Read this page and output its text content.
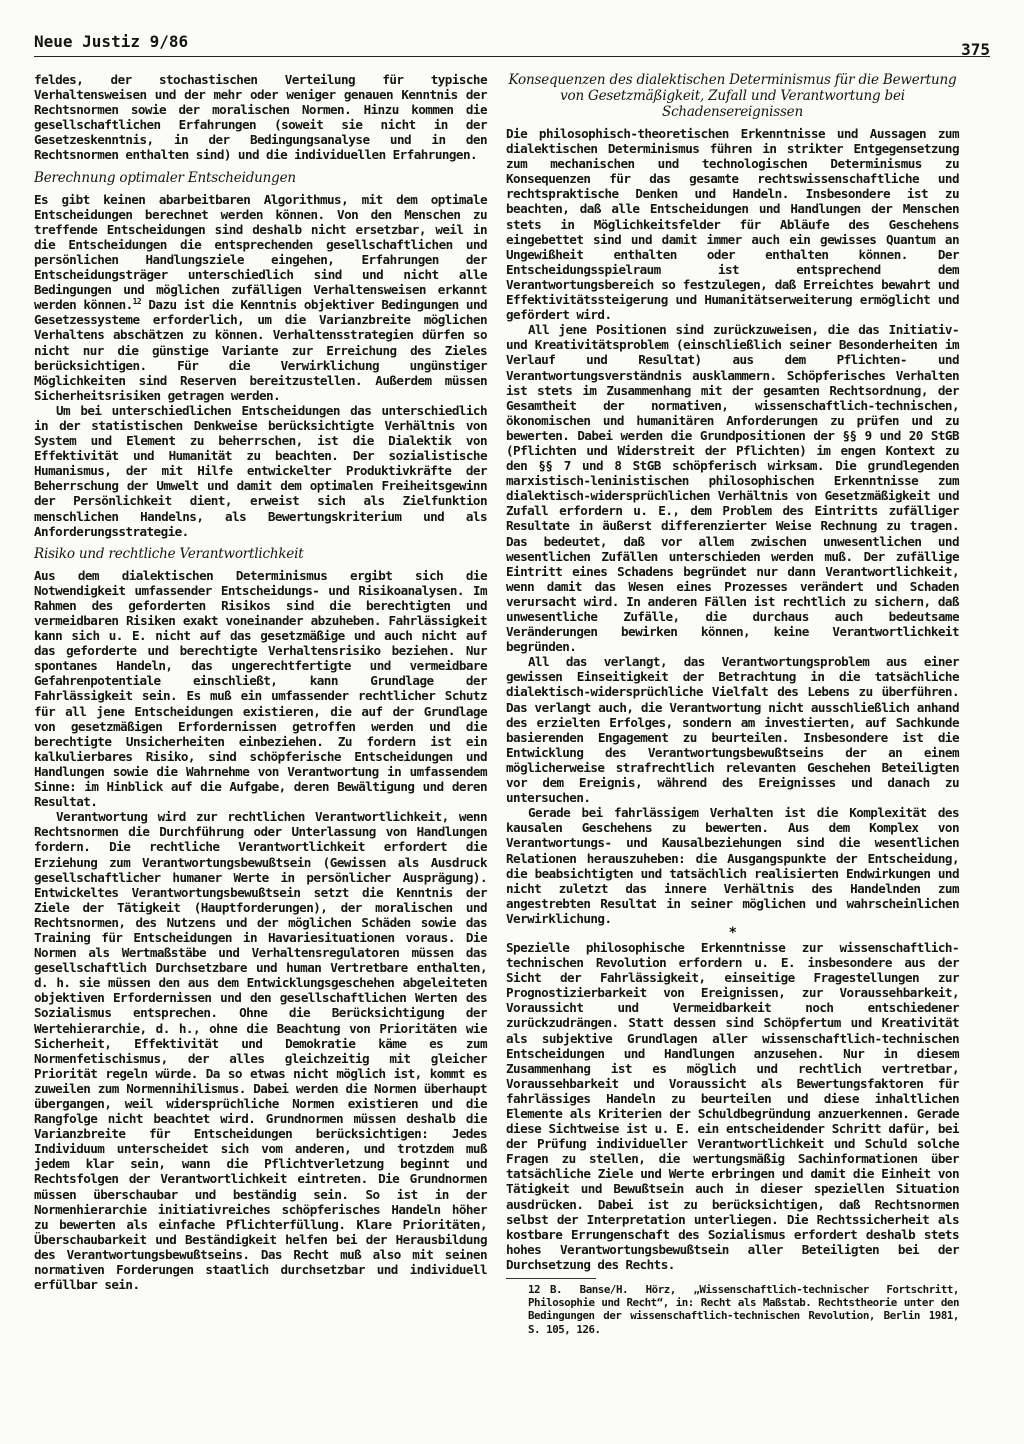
Neue Justiz 9/86	375

feldes, der stochastischen Verteilung für typische Verhaltensweisen und der mehr oder weniger genauen Kenntnis der Rechtsnormen sowie der moralischen Normen. Hinzu kommen die gesellschaftlichen Erfahrungen (soweit sie nicht in der Gesetzeskenntnis, in der Bedingungsanalyse und in den Rechtsnormen enthalten sind) und die individuellen Erfahrungen.

Berechnung optimaler Entscheidungen

Es gibt keinen abarbeitbaren Algorithmus, mit dem optimale Entscheidungen berechnet werden können. Von den Menschen zu treffende Entscheidungen sind deshalb nicht ersetzbar, weil in die Entscheidungen die entsprechenden gesellschaftlichen und persönlichen Handlungsziele eingehen, Erfahrungen der Entscheidungsträger unterschiedlich sind und nicht alle Bedingungen und möglichen zufälligen Verhaltensweisen erkannt werden können.$^{12}$ Dazu ist die Kenntnis objektiver Bedingungen und Gesetzessysteme erforderlich, um die Varianzbreite möglichen Verhaltens abschätzen zu können. Verhaltensstrategien dürfen so nicht nur die günstige Variante zur Erreichung des Zieles berücksichtigen. Für die Verwirklichung ungünstiger Möglichkeiten sind Reserven bereitzustellen. Außerdem müssen Sicherheitsrisiken getragen werden.

Um bei unterschiedlichen Entscheidungen das unterschiedlich in der statistischen Denkweise berücksichtigte Verhältnis von System und Element zu beherrschen, ist die Dialektik von Effektivität und Humanität zu beachten. Der sozialistische Humanismus, der mit Hilfe entwickelter Produktivkräfte der Beherrschung der Umwelt und damit dem optimalen Freiheitsgewinn der Persönlichkeit dient, erweist sich als Zielfunktion menschlichen Handelns, als Bewertungskriterium und als Anforderungsstrategie.

Risiko und rechtliche Verantwortlichkeit

Aus dem dialektischen Determinismus ergibt sich die Notwendigkeit umfassender Entscheidungs- und Risikoanalysen. Im Rahmen des geforderten Risikos sind die berechtigten und vermeidbaren Risiken exakt voneinander abzuheben. Fahrlässigkeit kann sich u. E. nicht auf das gesetzmäßige und auch nicht auf das geforderte und berechtigte Verhaltensrisiko beziehen. Nur spontanes Handeln, das ungerechtfertigte und vermeidbare Gefahrenpotentiale einschließt, kann Grundlage der Fahrlässigkeit sein. Es muß ein umfassender rechtlicher Schutz für all jene Entscheidungen existieren, die auf der Grundlage von gesetzmäßigen Erfordernissen getroffen werden und die berechtigte Unsicherheiten einbeziehen. Zu fordern ist ein kalkulierbares Risiko, sind schöpferische Entscheidungen und Handlungen sowie die Wahrnehme von Verantwortung in umfassendem Sinne: im Hinblick auf die Aufgabe, deren Bewältigung und deren Resultat.

Verantwortung wird zur rechtlichen Verantwortlichkeit, wenn Rechtsnormen die Durchführung oder Unterlassung von Handlungen fordern. Die rechtliche Verantwortlichkeit erfordert die Erziehung zum Verantwortungsbewußtsein (Gewissen als Ausdruck gesellschaftlicher humaner Werte in persönlicher Ausprägung). Entwickeltes Verantwortungsbewußtsein setzt die Kenntnis der Ziele der Tätigkeit (Hauptforderungen), der moralischen und Rechtsnormen, des Nutzens und der möglichen Schäden sowie das Training für Entscheidungen in Havariesituationen voraus. Die Normen als Wertmaßstäbe und Verhaltensregulatoren müssen das gesellschaftlich Durchsetzbare und human Vertretbare enthalten, d. h. sie müssen den aus dem Entwicklungsgeschehen abgeleiteten objektiven Erfordernissen und den gesellschaftlichen Werten des Sozialismus entsprechen. Ohne die Berücksichtigung der Wertehierarchie, d. h., ohne die Beachtung von Prioritäten wie Sicherheit, Effektivität und Demokratie käme es zum Normenfetischismus, der alles gleichzeitig mit gleicher Priorität regeln würde. Da so etwas nicht möglich ist, kommt es zuweilen zum Normennihilismus. Dabei werden die Normen überhaupt übergangen, weil widersprüchliche Normen existieren und die Rangfolge nicht beachtet wird. Grundnormen müssen deshalb die Varianzbreite für Entscheidungen berücksichtigen: Jedes Individuum unterscheidet sich vom anderen, und trotzdem muß jedem klar sein, wann die Pflichtverletzung beginnt und Rechtsfolgen der Verantwortlichkeit eintreten. Die Grundnormen müssen überschaubar und beständig sein. So ist in der Normenhierarchie initiativreiches schöpferisches Handeln höher zu bewerten als einfache Pflichterfüllung. Klare Prioritäten, Überschaubarkeit und Beständigkeit helfen bei der Herausbildung des Verantwortungsbewußtseins. Das Recht muß also mit seinen normativen Forderungen staatlich durchsetzbar und individuell erfüllbar sein.

Konsequenzen des dialektischen Determinismus für die Bewertung von Gesetzmäßigkeit, Zufall und Verantwortung bei Schadensereignissen

Die philosophisch-theoretischen Erkenntnisse und Aussagen zum dialektischen Determinismus führen in strikter Entgegensetzung zum mechanischen und technologischen Determinismus zu Konsequenzen für das gesamte rechtswissenschaftliche und rechtspraktische Denken und Handeln. Insbesondere ist zu beachten, daß alle Entscheidungen und Handlungen der Menschen stets in Möglichkeitsfelder für Abläufe des Geschehens eingebettet sind und damit immer auch ein gewisses Quantum an Ungewißheit enthalten oder enthalten können. Der Entscheidungsspielraum ist entsprechend dem Verantwortungsbereich so festzulegen, daß Erreichtes bewahrt und Effektivitätssteigerung und Humanitätserweiterung ermöglicht und gefördert wird.

All jene Positionen sind zurückzuweisen, die das Initiativ- und Kreativitätsproblem (einschließlich seiner Besonderheiten im Verlauf und Resultat) aus dem Pflichten- und Verantwortungsverständnis ausklammern. Schöpferisches Verhalten ist stets im Zusammenhang mit der gesamten Rechtsordnung, der Gesamtheit der normativen, wissenschaftlich-technischen, ökonomischen und humanitären Anforderungen zu prüfen und zu bewerten. Dabei werden die Grundpositionen der §§ 9 und 20 StGB (Pflichten und Widerstreit der Pflichten) im engen Kontext zu den §§ 7 und 8 StGB schöpferisch wirksam. Die grundlegenden marxistisch-leninistischen philosophischen Erkenntnisse zum dialektisch-widersprüchlichen Verhältnis von Gesetzmäßigkeit und Zufall erfordern u. E., dem Problem des Eintritts zufälliger Resultate in äußerst differenzierter Weise Rechnung zu tragen. Das bedeutet, daß vor allem zwischen unwesentlichen und wesentlichen Zufällen unterschieden werden muß. Der zufällige Eintritt eines Schadens begründet nur dann Verantwortlichkeit, wenn damit das Wesen eines Prozesses verändert und Schaden verursacht wird. In anderen Fällen ist rechtlich zu sichern, daß unwesentliche Zufälle, die durchaus auch bedeutsame Veränderungen bewirken können, keine Verantwortlichkeit begründen.

All das verlangt, das Verantwortungsproblem aus einer gewissen Einseitigkeit der Betrachtung in die tatsächliche dialektisch-widersprüchliche Vielfalt des Lebens zu überführen. Das verlangt auch, die Verantwortung nicht ausschließlich anhand des erzielten Erfolges, sondern am investierten, auf Sachkunde basierenden Engagement zu beurteilen. Insbesondere ist die Entwicklung des Verantwortungsbewußtseins der an einem möglicherweise strafrechtlich relevanten Geschehen Beteiligten vor dem Ereignis, während des Ereignisses und danach zu untersuchen.

Gerade bei fahrlässigem Verhalten ist die Komplexität des kausalen Geschehens zu bewerten. Aus dem Komplex von Verantwortungs- und Kausalbeziehungen sind die wesentlichen Relationen herauszuheben: die Ausgangspunkte der Entscheidung, die beabsichtigten und tatsächlich realisierten Endwirkungen und nicht zuletzt das innere Verhältnis des Handelnden zum angestrebten Resultat in seiner möglichen und wahrscheinlichen Verwirklichung.

*

Spezielle philosophische Erkenntnisse zur wissenschaftlich-technischen Revolution erfordern u. E. insbesondere aus der Sicht der Fahrlässigkeit, einseitige Fragestellungen zur Prognostizierbarkeit von Ereignissen, zur Voraussehbarkeit, Voraussicht und Vermeidbarkeit noch entschiedener zurückzudrängen. Statt dessen sind Schöpfertum und Kreativität als subjektive Grundlagen aller wissenschaftlich-technischen Entscheidungen und Handlungen anzusehen. Nur in diesem Zusammenhang ist es möglich und rechtlich vertretbar, Voraussehbarkeit und Voraussicht als Bewertungsfaktoren für fahrlässiges Handeln zu beurteilen und diese inhaltlichen Elemente als Kriterien der Schuldbegründung anzuerkennen. Gerade diese Sichtweise ist u. E. ein entscheidender Schritt dafür, bei der Prüfung individueller Verantwortlichkeit und Schuld solche Fragen zu stellen, die wertungsmäßig Sachinformationen über tatsächliche Ziele und Werte erbringen und damit die Einheit von Tätigkeit und Bewußtsein auch in dieser speziellen Situation ausdrücken. Dabei ist zu berücksichtigen, daß Rechtsnormen selbst der Interpretation unterliegen. Die Rechtssicherheit als kostbare Errungenschaft des Sozialismus erfordert deshalb stets hohes Verantwortungsbewußtsein aller Beteiligten bei der Durchsetzung des Rechts.

12 B. Banse/H. Hörz, „Wissenschaftlich-technischer Fortschritt, Philosophie und Recht“, in: Recht als Maßstab. Rechtstheorie unter den Bedingungen der wissenschaftlich-technischen Revolution, Berlin 1981, S. 105, 126.
